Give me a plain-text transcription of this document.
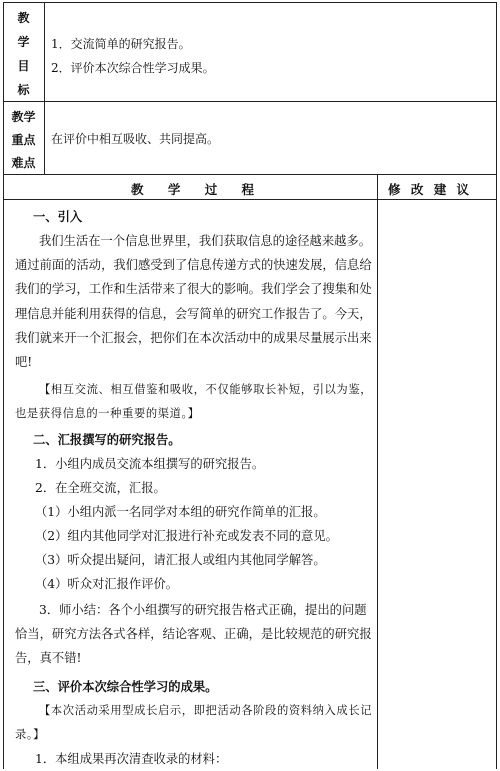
教
学
目
标
1．交流简单的研究报告。
2．评价本次综合性学习成果。
教学
重点
难点
在评价中相互吸收、共同提高。
教 学 过 程	修 改 建 议
一、引入
我们生活在一个信息世界里，我们获取信息的途径越来越多。通过前面的活动，我们感受到了信息传递方式的快速发展，信息给我们的学习，工作和生活带来了很大的影响。我们学会了搜集和处理信息并能利用获得的信息，会写简单的研究工作报告了。今天，我们就来开一个汇报会，把你们在本次活动中的成果尽量展示出来吧!
【相互交流、相互借鉴和吸收，不仅能够取长补短，引以为鉴，也是获得信息的一种重要的渠道。】
二、汇报撰写的研究报告。
1．小组内成员交流本组撰写的研究报告。
2．在全班交流，汇报。
（1）小组内派一名同学对本组的研究作简单的汇报。
（2）组内其他同学对汇报进行补充或发表不同的意见。
（3）听众提出疑问，请汇报人或组内其他同学解答。
（4）听众对汇报作评价。
3．师小结：各个小组撰写的研究报告格式正确，提出的问题恰当，研究方法各式各样，结论客观、正确，是比较规范的研究报告，真不错!
三、评价本次综合性学习的成果。
【本次活动采用型成长启示，即把活动各阶段的资料纳入成长记录。】
1．本组成果再次清查收录的材料：
